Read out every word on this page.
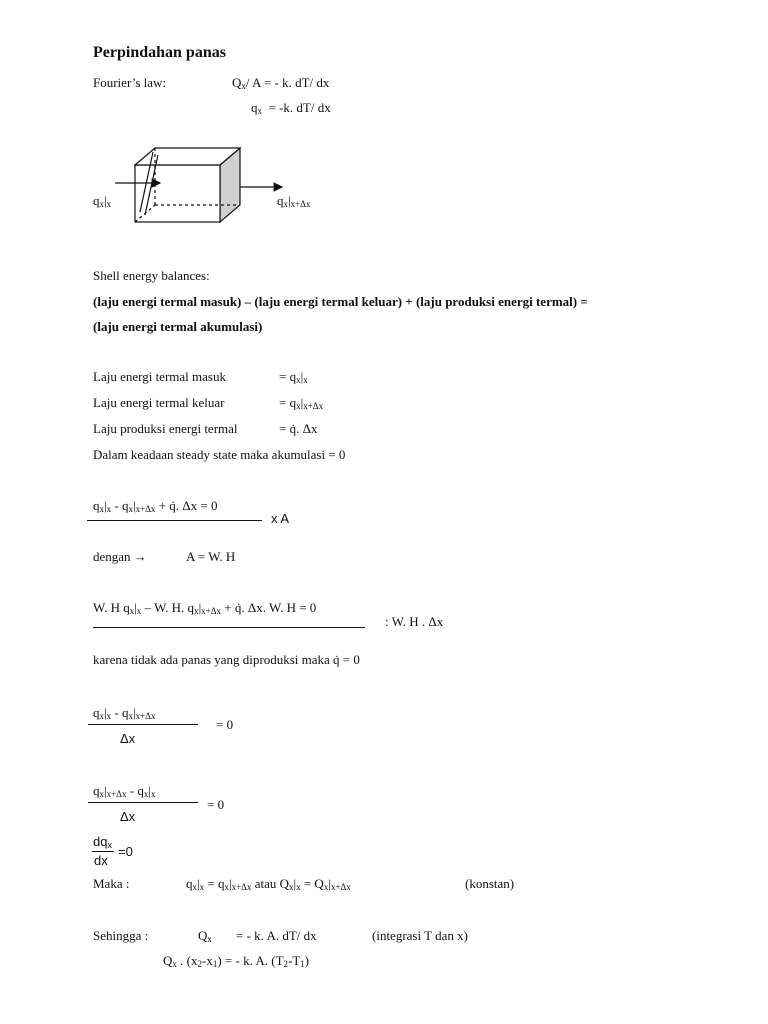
Perpindahan panas
Fourier’s law:	$Q_x/$ A = - k. dT/ dx
$q_x = -k$. dT/ dx
$q_x|_x$	$q_x|_{x+\Delta x}$
Shell energy balances:
(laju energi termal masuk) – (laju energi termal keluar) + (laju produksi energi termal) =
(laju energi termal akumulasi)
Laju energi termal masuk	= $q_x|_x$
Laju energi termal keluar	= $q_x|_{x+\Delta x}$
Laju produksi energi termal	= q̇. Δx
Dalam keadaan steady state maka akumulasi = 0
$q_x|_x - q_x|_{x+\Delta x}$ + q̇. Δx = 0
x A
dengan →	A = W. H
W. H $q_x|_x$ – W. H. $q_x|_{x+\Delta x}$ + q̇. Δx. W. H = 0
: W. H . Δx
karena tidak ada panas yang diproduksi maka q̇ = 0
$q_x|_x - q_x|_{x+\Delta x}$
Δx
= 0
$q_x|_{x+\Delta x} - q_x|_x$
Δx
= 0
$dq_x$
dx
=0
Maka :	$q_x|_x = q_x|_{x+\Delta x}$ atau $Q_x|_x = Q_x|_{x+\Delta x}$	(konstan)
Sehingga :	$Q_x$ = - k. A. dT/ dx	(integrasi T dan x)
$Q_x$ . $(x_2-x_1)$ = - k. A. $(T_2-T_1)$
